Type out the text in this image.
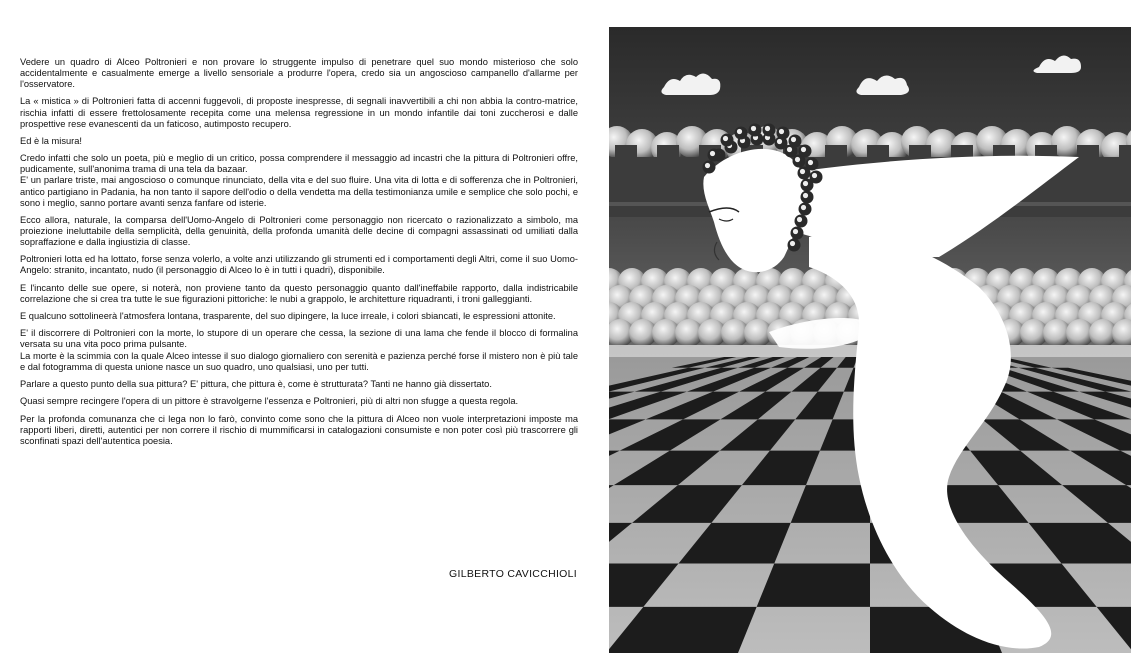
Vedere un quadro di Alceo Poltronieri e non provare lo struggente impulso di penetrare quel suo mondo misterioso che solo accidentalmente e casualmente emerge a livello sensoriale a produrre l'opera, credo sia un angoscioso campanello d'allarme per l'osservatore.

La « mistica » di Poltronieri fatta di accenni fuggevoli, di proposte inespresse, di segnali inavvertibili a chi non abbia la contro-matrice, rischia infatti di essere frettolosamente recepita come una melensa regressione in un mondo infantile dai toni zuccherosi e dalle prospettive rese evanescenti da un faticoso, autimposto recupero.

Ed è la misura!

Credo infatti che solo un poeta, più e meglio di un critico, possa comprendere il messaggio ad incastri che la pittura di Poltronieri offre, pudicamente, sull'anonima trama di una tela da bazaar.

E' un parlare triste, mai angoscioso o comunque rinunciato, della vita e del suo fluire. Una vita di lotta e di sofferenza che in Poltronieri, antico partigiano in Padania, ha non tanto il sapore dell'odio o della vendetta ma della testimonianza umile e semplice che solo pochi, e sono i meglio, sanno portare avanti senza fanfare od isterie.

Ecco allora, naturale, la comparsa dell'Uomo-Angelo di Poltronieri come personaggio non ricercato o razionalizzato a simbolo, ma proiezione ineluttabile della semplicità, della genuinità, della profonda umanità delle decine di compagni assassinati od umiliati dalla sopraffazione e dalla ingiustizia di classe.

Poltronieri lotta ed ha lottato, forse senza volerlo, a volte anzi utilizzando gli strumenti ed i comportamenti degli Altri, come il suo Uomo-Angelo: stranito, incantato, nudo (il personaggio di Alceo lo è in tutti i quadri), disponibile.

E l'incanto delle sue opere, si noterà, non proviene tanto da questo personaggio quanto dall'ineffabile rapporto, dalla indistricabile correlazione che si crea tra tutte le sue figurazioni pittoriche: le nubi a grappolo, le architetture riquadranti, i troni galleggianti.

E qualcuno sottolineerà l'atmosfera lontana, trasparente, del suo dipingere, la luce irreale, i colori sbiancati, le espressioni attonite.

E' il discorrere di Poltronieri con la morte, lo stupore di un operare che cessa, la sezione di una lama che fende il blocco di formalina versata su una vita poco prima pulsante.

La morte è la scimmia con la quale Alceo intesse il suo dialogo giornaliero con serenità e pazienza perché forse il mistero non è più tale e dal fotogramma di questa unione nasce un suo quadro, uno qualsiasi, uno per tutti.

Parlare a questo punto della sua pittura? E' pittura, che pittura è, come è strutturata? Tanti ne hanno già dissertato.

Quasi sempre recingere l'opera di un pittore è stravolgerne l'essenza e Poltronieri, più di altri non sfugge a questa regola.

Per la profonda comunanza che ci lega non lo farò, convinto come sono che la pittura di Alceo non vuole interpretazioni imposte ma rapporti liberi, diretti, autentici per non correre il rischio di mummificarsi in catalogazioni consumiste e non poter così più trascorrere gli sconfinati spazi dell'autentica poesia.

GILBERTO CAVICCHIOLI
